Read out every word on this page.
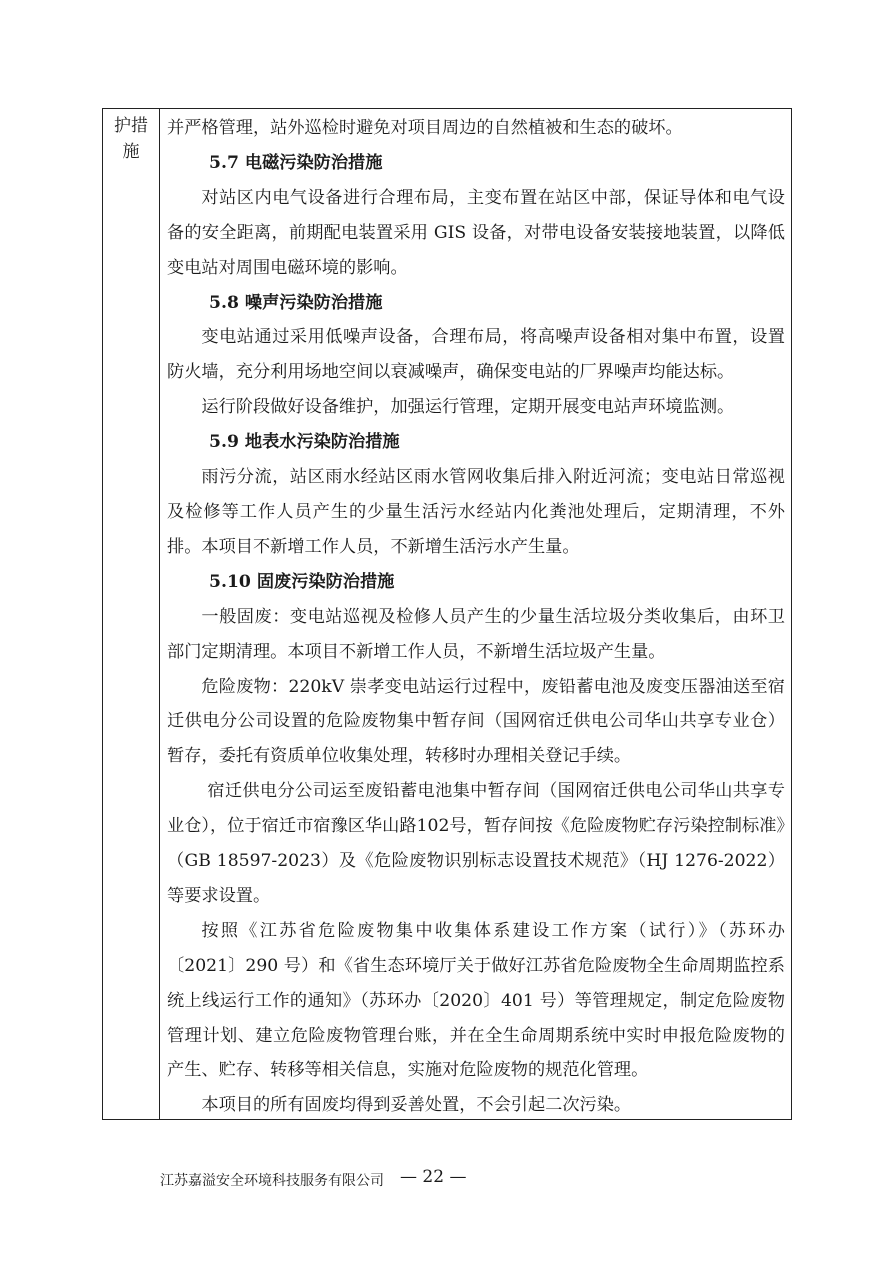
护措
施

并严格管理，站外巡检时避免对项目周边的自然植被和生态的破坏。

5.7 电磁污染防治措施

对站区内电气设备进行合理布局，主变布置在站区中部，保证导体和电气设备的安全距离，前期配电装置采用 GIS 设备，对带电设备安装接地装置，以降低变电站对周围电磁环境的影响。

5.8 噪声污染防治措施

变电站通过采用低噪声设备，合理布局，将高噪声设备相对集中布置，设置防火墙，充分利用场地空间以衰减噪声，确保变电站的厂界噪声均能达标。

运行阶段做好设备维护，加强运行管理，定期开展变电站声环境监测。

5.9 地表水污染防治措施

雨污分流，站区雨水经站区雨水管网收集后排入附近河流；变电站日常巡视及检修等工作人员产生的少量生活污水经站内化粪池处理后，定期清理，不外排。本项目不新增工作人员，不新增生活污水产生量。

5.10 固废污染防治措施

一般固废：变电站巡视及检修人员产生的少量生活垃圾分类收集后，由环卫部门定期清理。本项目不新增工作人员，不新增生活垃圾产生量。

危险废物：220kV 崇孝变电站运行过程中，废铅蓄电池及废变压器油送至宿迁供电分公司设置的危险废物集中暂存间（国网宿迁供电公司华山共享专业仓）暂存，委托有资质单位收集处理，转移时办理相关登记手续。

宿迁供电分公司运至废铅蓄电池集中暂存间（国网宿迁供电公司华山共享专业仓），位于宿迁市宿豫区华山路102号，暂存间按《危险废物贮存污染控制标准》（GB 18597-2023）及《危险废物识别标志设置技术规范》（HJ 1276-2022）等要求设置。

按照《江苏省危险废物集中收集体系建设工作方案（试行）》（苏环办〔2021〕290 号）和《省生态环境厅关于做好江苏省危险废物全生命周期监控系统上线运行工作的通知》（苏环办〔2020〕401 号）等管理规定，制定危险废物管理计划、建立危险废物管理台账，并在全生命周期系统中实时申报危险废物的产生、贮存、转移等相关信息，实施对危险废物的规范化管理。

本项目的所有固废均得到妥善处置，不会引起二次污染。

江苏嘉溢安全环境科技服务有限公司 — 22 —
